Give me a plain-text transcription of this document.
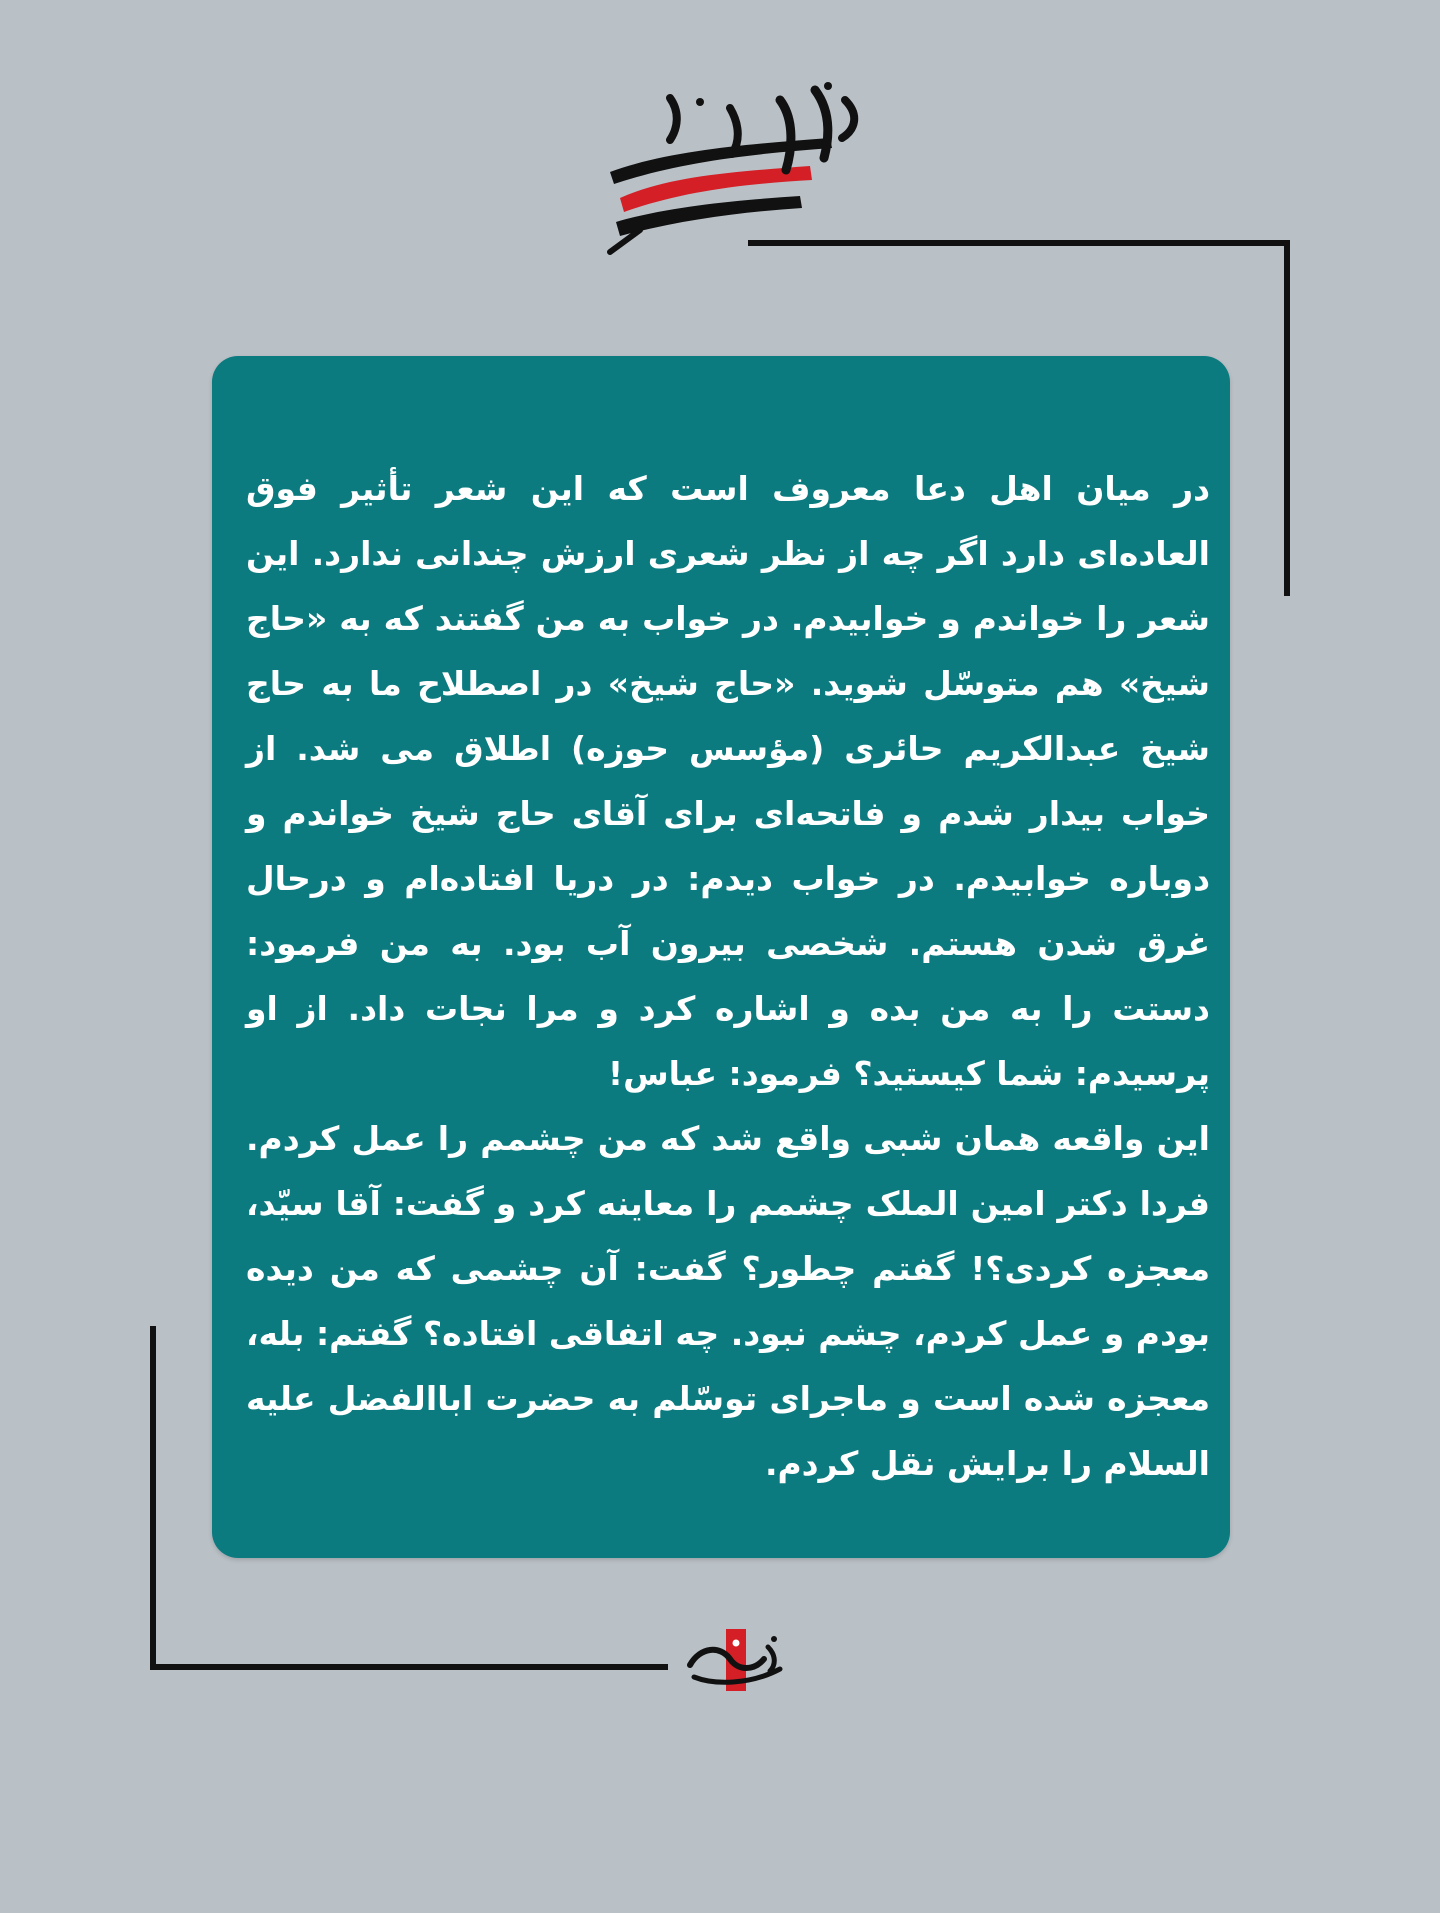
در میان اهل دعا معروف است که این شعر تأثیر فوق العاده‌ای دارد اگر چه از نظر شعری ارزش چندانی ندارد. این شعر را خواندم و خوابیدم. در خواب به من گفتند که به «حاج شیخ» هم متوسّل شوید. «حاج شیخ» در اصطلاح ما به حاج شیخ عبدالکریم حائری (مؤسس حوزه) اطلاق می شد. از خواب بیدار شدم و فاتحه‌ای برای آقای حاج شیخ خواندم و دوباره خوابیدم. در خواب دیدم: در دریا افتاده‌ام و درحال غرق شدن هستم. شخصی بیرون آب بود. به من فرمود: دستت را به من بده و اشاره کرد و مرا نجات داد. از او پرسیدم: شما کیستید؟ فرمود: عباس!

این واقعه همان شبی واقع شد که من چشمم را عمل کردم. فردا دکتر امین الملک چشمم را معاینه کرد و گفت: آقا سیّد، معجزه کردی؟! گفتم چطور؟ گفت: آن چشمی که من دیده بودم و عمل کردم، چشم نبود. چه اتفاقی افتاده؟ گفتم: بله، معجزه شده است و ماجرای توسّلم به حضرت اباالفضل علیه السلام را برایش نقل کردم.
